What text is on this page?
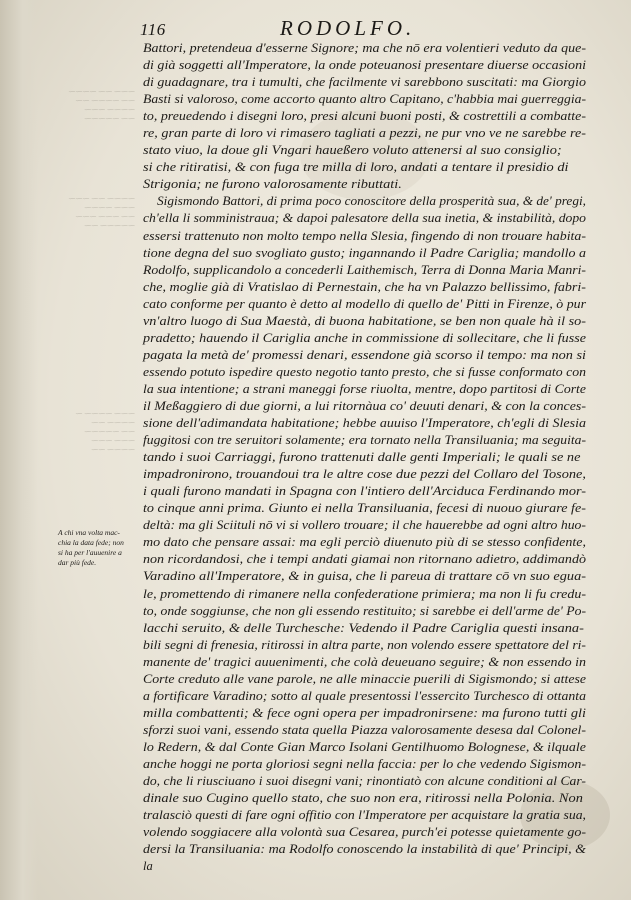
⁓⁓⁓ ⁓⁓ ⁓⁓⁓⁓
⁓⁓ ⁓⁓⁓⁓ ⁓⁓
⁓⁓⁓⁓ ⁓⁓⁓
⁓⁓ ⁓⁓⁓⁓⁓
⁓⁓⁓⁓ ⁓⁓ ⁓⁓⁓
⁓⁓⁓ ⁓⁓⁓⁓
⁓⁓ ⁓⁓⁓ ⁓⁓⁓
⁓⁓⁓⁓⁓ ⁓⁓
⁓⁓⁓ ⁓⁓⁓⁓ ⁓
⁓⁓⁓⁓ ⁓⁓
⁓⁓ ⁓⁓⁓⁓⁓
⁓⁓⁓ ⁓⁓⁓
⁓⁓⁓⁓ ⁓⁓
116	RODOLFO.
Battori, pretendeua d'esserne Signore; ma che nō era volentieri veduto da que-
di già soggetti all'Imperatore, la onde poteuanosi presentare diuerse occasioni
di guadagnare, tra i tumulti, che facilmente vi sarebbono suscitati: ma Giorgio
Basti si valoroso, come accorto quanto altro Capitano, c'habbia mai guerreggia-
to, preuedendo i disegni loro, presi alcuni buoni posti, & costrettili a combatte-
re, gran parte di loro vi rimasero tagliati a pezzi, ne pur vno ve ne sarebbe re-
stato viuo, la doue gli Vngari haueßero voluto attenersi al suo consiglio;
si che ritiratisi, & con fuga tre milla di loro, andati a tentare il presidio di
Strigonia; ne furono valorosamente ributtati.
Sigismondo Battori, di prima poco conoscitore della prosperità sua, & de' pregi,
ch'ella li somministraua; & dapoi palesatore della sua inetia, & instabilità, dopo
essersi trattenuto non molto tempo nella Slesia, fingendo di non trouare habita-
tione degna del suo svogliato gusto; ingannando il Padre Cariglia; mandollo a
Rodolfo, supplicandolo a concederli Laithemisch, Terra di Donna Maria Manri-
che, moglie già di Vratislao di Pernestain, che ha vn Palazzo bellissimo, fabri-
cato conforme per quanto è detto al modello di quello de' Pitti in Firenze, ò pur
vn'altro luogo di Sua Maestà, di buona habitatione, se ben non quale hà il so-
pradetto; hauendo il Cariglia anche in commissione di sollecitare, che li fusse
pagata la metà de' promessi denari, essendone già scorso il tempo: ma non si
essendo potuto ispedire questo negotio tanto presto, che si fusse conformato con
la sua intentione; a strani maneggi forse riuolta, mentre, dopo partitosi di Corte
il Meßaggiero di due giorni, a lui ritornàua co' deuuti denari, & con la conces-
sione dell'adimandata habitatione; hebbe auuiso l'Imperatore, ch'egli di Slesia
fuggitosi con tre seruitori solamente; era tornato nella Transiluania; ma seguita-
tando i suoi Carriaggi, furono trattenuti dalle genti Imperiali; le quali se ne
impadronirono, trouandoui tra le altre cose due pezzi del Collaro del Tosone,
i quali furono mandati in Spagna con l'intiero dell'Arciduca Ferdinando mor-
to cinque anni prima. Giunto ei nella Transiluania, fecesi di nuouo giurare fe-
deltà: ma gli Sciituli nō vi si vollero trouare; il che hauerebbe ad ogni altro huo-
mo dato che pensare assai: ma egli perciò diuenuto più di se stesso confidente,
non ricordandosi, che i tempi andati giamai non ritornano adietro, addimandò
Varadino all'Imperatore, & in guisa, che li pareua di trattare cō vn suo egua-
le, promettendo di rimanere nella confederatione primiera; ma non li fu credu-
to, onde soggiunse, che non gli essendo restituito; si sarebbe ei dell'arme de' Po-
lacchi seruito, & delle Turchesche: Vedendo il Padre Cariglia questi insana-
bili segni di frenesia, ritirossi in altra parte, non volendo essere spettatore del ri-
manente de' tragici auuenimenti, che colà deueuano seguire; & non essendo in
Corte creduto alle vane parole, ne alle minaccie puerili di Sigismondo; si attese
a fortificare Varadino; sotto al quale presentossi l'essercito Turchesco di ottanta
milla combattenti; & fece ogni opera per impadronirsene: ma furono tutti gli
sforzi suoi vani, essendo stata quella Piazza valorosamente desesa dal Colonel-
lo Redern, & dal Conte Gian Marco Isolani Gentilhuomo Bolognese, & ilquale
anche hoggi ne porta gloriosi segni nella faccia: per lo che vedendo Sigismon-
do, che li riusciuano i suoi disegni vani; rinontiatò con alcune conditioni al Car-
dinale suo Cugino quello stato, che suo non era, ritirossi nella Polonia. Non
tralasciò questi di fare ogni offitio con l'Imperatore per acquistare la gratia sua,
volendo soggiacere alla volontà sua Cesarea, purch'ei potesse quietamente go-
dersi la Transiluania: ma Rodolfo conoscendo la instabilità di que' Principi, &
la
A chi vna volta mac-
chia la data fede; non
si ha per l'auuenire a
dar più fede.
